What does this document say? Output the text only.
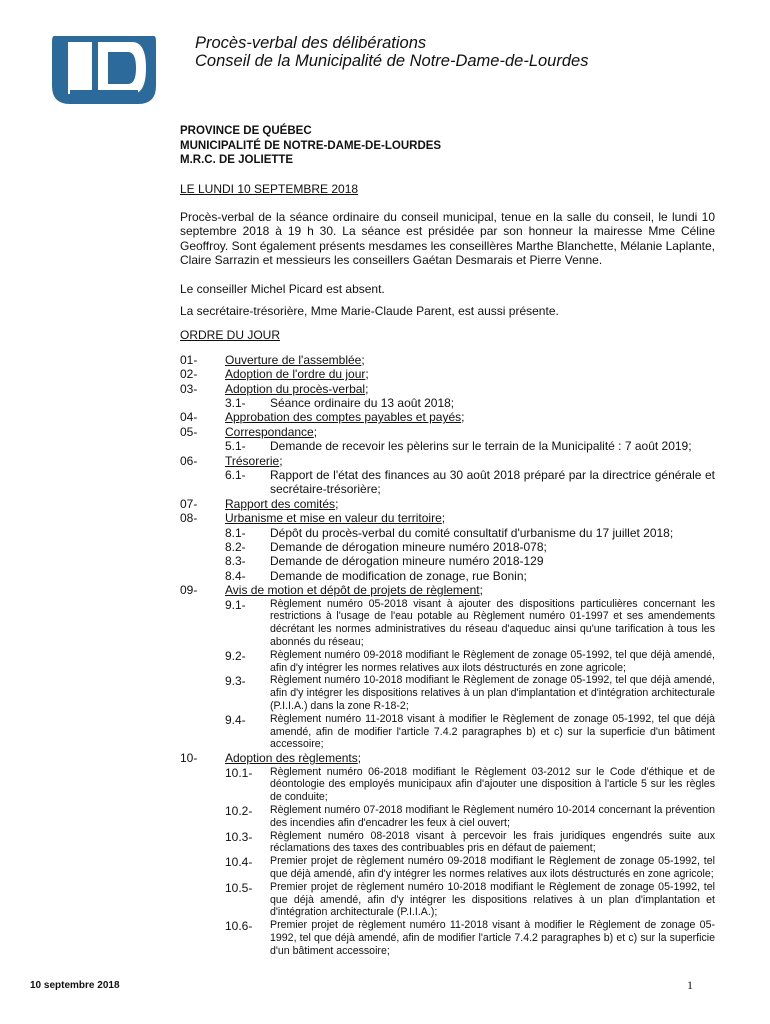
Procès-verbal des délibérations
Conseil de la Municipalité de Notre-Dame-de-Lourdes
PROVINCE DE QUÉBEC
MUNICIPALITÉ DE NOTRE-DAME-DE-LOURDES
M.R.C. DE JOLIETTE
LE LUNDI 10 SEPTEMBRE 2018
Procès-verbal de la séance ordinaire du conseil municipal, tenue en la salle du conseil, le lundi 10 septembre 2018 à 19 h 30. La séance est présidée par son honneur la mairesse Mme Céline Geoffroy. Sont également présents mesdames les conseillères Marthe Blanchette, Mélanie Laplante, Claire Sarrazin et messieurs les conseillers Gaétan Desmarais et Pierre Venne.
Le conseiller Michel Picard est absent.
La secrétaire-trésorière, Mme Marie-Claude Parent, est aussi présente.
ORDRE DU JOUR
01-	Ouverture de l'assemblée;
02-	Adoption de l'ordre du jour;
03-	Adoption du procès-verbal;
3.1-	Séance ordinaire du 13 août 2018;
04-	Approbation des comptes payables et payés;
05-	Correspondance;
5.1-	Demande de recevoir les pèlerins sur le terrain de la Municipalité : 7 août 2019;
06-	Trésorerie;
6.1-	Rapport de l'état des finances au 30 août 2018 préparé par la directrice générale et secrétaire-trésorière;
07-	Rapport des comités;
08-	Urbanisme et mise en valeur du territoire;
8.1-	Dépôt du procès-verbal du comité consultatif d'urbanisme du 17 juillet 2018;
8.2-	Demande de dérogation mineure numéro 2018-078;
8.3-	Demande de dérogation mineure numéro 2018-129
8.4-	Demande de modification de zonage, rue Bonin;
09-	Avis de motion et dépôt de projets de règlement;
9.1-	Règlement numéro 05-2018 visant à ajouter des dispositions particulières concernant les restrictions à l'usage de l'eau potable au Règlement numéro 01-1997 et ses amendements décrétant les normes administratives du réseau d'aqueduc ainsi qu'une tarification à tous les abonnés du réseau;
9.2-	Règlement numéro 09-2018 modifiant le Règlement de zonage 05-1992, tel que déjà amendé, afin d'y intégrer les normes relatives aux ilots déstructurés en zone agricole;
9.3-	Règlement numéro 10-2018 modifiant le Règlement de zonage 05-1992, tel que déjà amendé, afin d'y intégrer les dispositions relatives à un plan d'implantation et d'intégration architecturale (P.I.I.A.) dans la zone R-18-2;
9.4-	Règlement numéro 11-2018 visant à modifier le Règlement de zonage 05-1992, tel que déjà amendé, afin de modifier l'article 7.4.2 paragraphes b) et c) sur la superficie d'un bâtiment accessoire;
10-	Adoption des règlements;
10.1-	Règlement numéro 06-2018 modifiant le Règlement 03-2012 sur le Code d'éthique et de déontologie des employés municipaux afin d'ajouter une disposition à l'article 5 sur les règles de conduite;
10.2-	Règlement numéro 07-2018 modifiant le Règlement numéro 10-2014 concernant la prévention des incendies afin d'encadrer les feux à ciel ouvert;
10.3-	Règlement numéro 08-2018 visant à percevoir les frais juridiques engendrés suite aux réclamations des taxes des contribuables pris en défaut de paiement;
10.4-	Premier projet de règlement numéro 09-2018 modifiant le Règlement de zonage 05-1992, tel que déjà amendé, afin d'y intégrer les normes relatives aux ilots déstructurés en zone agricole;
10.5-	Premier projet de règlement numéro 10-2018 modifiant le Règlement de zonage 05-1992, tel que déjà amendé, afin d'y intégrer les dispositions relatives à un plan d'implantation et d'intégration architecturale (P.I.I.A.);
10.6-	Premier projet de règlement numéro 11-2018 visant à modifier le Règlement de zonage 05-1992, tel que déjà amendé, afin de modifier l'article 7.4.2 paragraphes b) et c) sur la superficie d'un bâtiment accessoire;
10 septembre 2018	1
